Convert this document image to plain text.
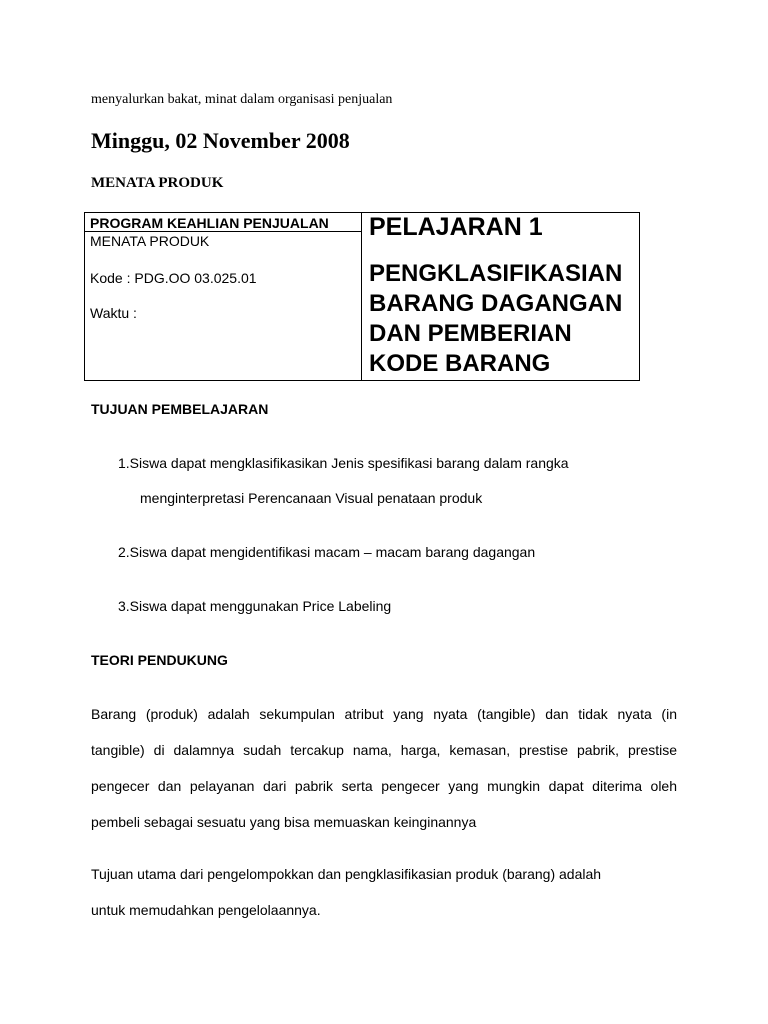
menyalurkan bakat, minat dalam organisasi penjualan
Minggu, 02 November 2008
MENATA PRODUK
PROGRAM KEAHLIAN PENJUALAN
MENATA PRODUK
Kode : PDG.OO 03.025.01
Waktu :
PELAJARAN 1
PENGKLASIFIKASIAN
BARANG DAGANGAN
DAN PEMBERIAN
KODE BARANG
TUJUAN PEMBELAJARAN
1.Siswa dapat mengklasifikasikan Jenis spesifikasi barang dalam rangka
menginterpretasi Perencanaan Visual penataan produk
2.Siswa dapat mengidentifikasi macam – macam barang dagangan
3.Siswa dapat menggunakan Price Labeling
TEORI PENDUKUNG
Barang (produk) adalah sekumpulan atribut yang nyata (tangible) dan tidak nyata (in
tangible) di dalamnya sudah tercakup nama, harga, kemasan, prestise pabrik, prestise
pengecer dan pelayanan dari pabrik serta pengecer yang mungkin dapat diterima oleh
pembeli sebagai sesuatu yang bisa memuaskan keinginannya
Tujuan utama dari pengelompokkan dan pengklasifikasian produk (barang) adalah
untuk memudahkan pengelolaannya.
